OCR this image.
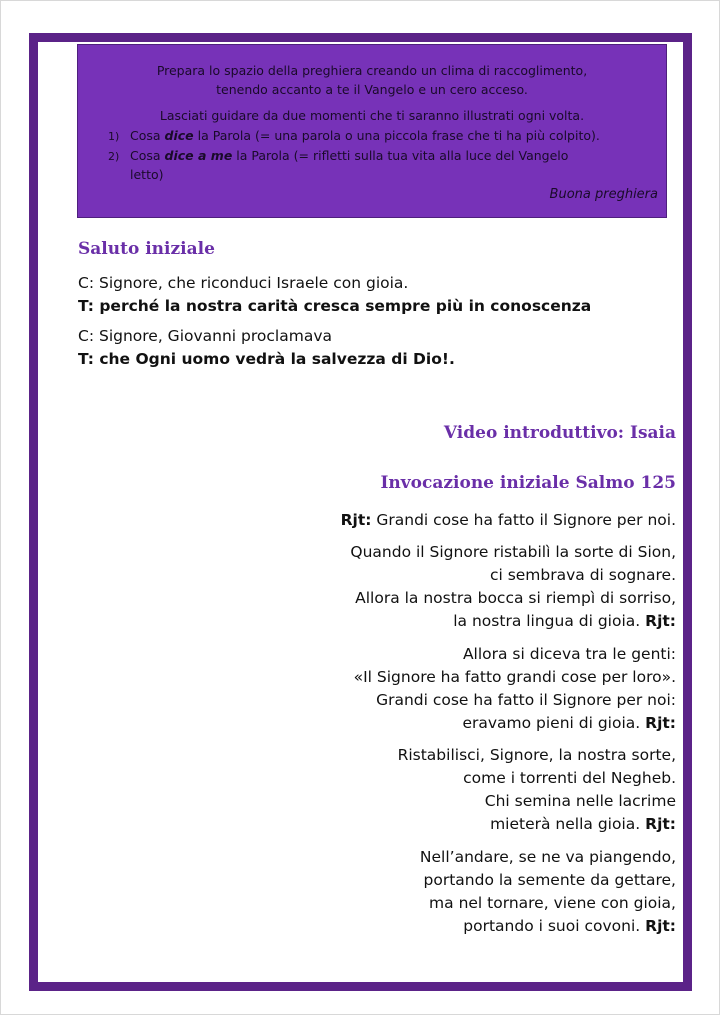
Prepara lo spazio della preghiera creando un clima di raccoglimento,
tenendo accanto a te il Vangelo e un cero acceso.
Lasciati guidare da due momenti che ti saranno illustrati ogni volta.
1) Cosa dice la Parola (= una parola o una piccola frase che ti ha più colpito).
2) Cosa dice a me la Parola (= rifletti sulla tua vita alla luce del Vangelo
letto)
Buona preghiera
Saluto iniziale
C: Signore, che riconduci Israele con gioia.
T: perché la nostra carità cresca sempre più in conoscenza
C: Signore, Giovanni proclamava
T: che Ogni uomo vedrà la salvezza di Dio!.
Video introduttivo: Isaia
Invocazione iniziale Salmo 125
Rjt: Grandi cose ha fatto il Signore per noi.
Quando il Signore ristabilì la sorte di Sion,
ci sembrava di sognare.
Allora la nostra bocca si riempì di sorriso,
la nostra lingua di gioia. Rjt:
Allora si diceva tra le genti:
«Il Signore ha fatto grandi cose per loro».
Grandi cose ha fatto il Signore per noi:
eravamo pieni di gioia. Rjt:
Ristabilisci, Signore, la nostra sorte,
come i torrenti del Negheb.
Chi semina nelle lacrime
mieterà nella gioia. Rjt:
Nell’andare, se ne va piangendo,
portando la semente da gettare,
ma nel tornare, viene con gioia,
portando i suoi covoni. Rjt:
